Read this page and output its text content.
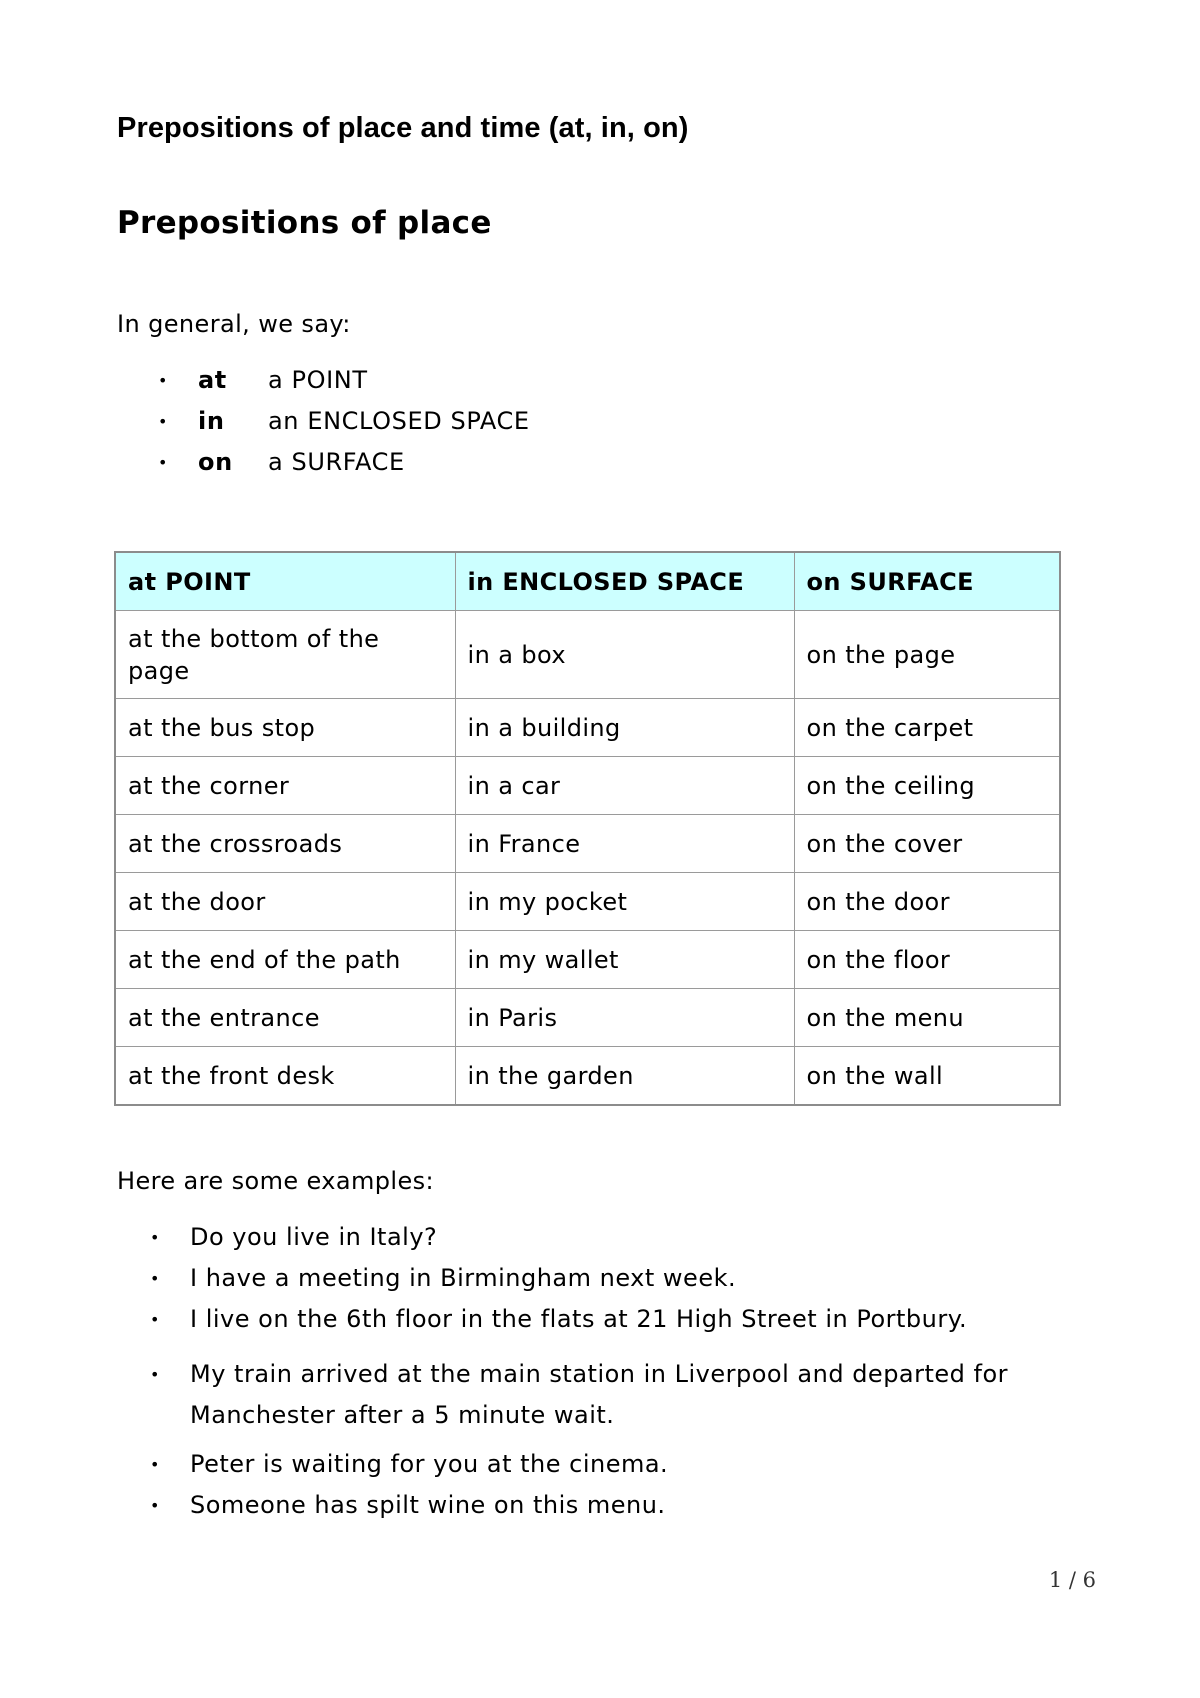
Prepositions of place and time (at, in, on)
Prepositions of place

In general, we say:

• at a POINT
• in an ENCLOSED SPACE
• on a SURFACE
at POINT	in ENCLOSED SPACE	on SURFACE
at the bottom of the page	in a box	on the page
at the bus stop	in a building	on the carpet
at the corner	in a car	on the ceiling
at the crossroads	in France	on the cover
at the door	in my pocket	on the door
at the end of the path	in my wallet	on the floor
at the entrance	in Paris	on the menu
at the front desk	in the garden	on the wall

Here are some examples:

• Do you live in Italy?
• I have a meeting in Birmingham next week.
• I live on the 6th floor in the flats at 21 High Street in Portbury.
• My train arrived at the main station in Liverpool and departed for Manchester after a 5 minute wait.
• Peter is waiting for you at the cinema.
• Someone has spilt wine on this menu.

1 / 6
